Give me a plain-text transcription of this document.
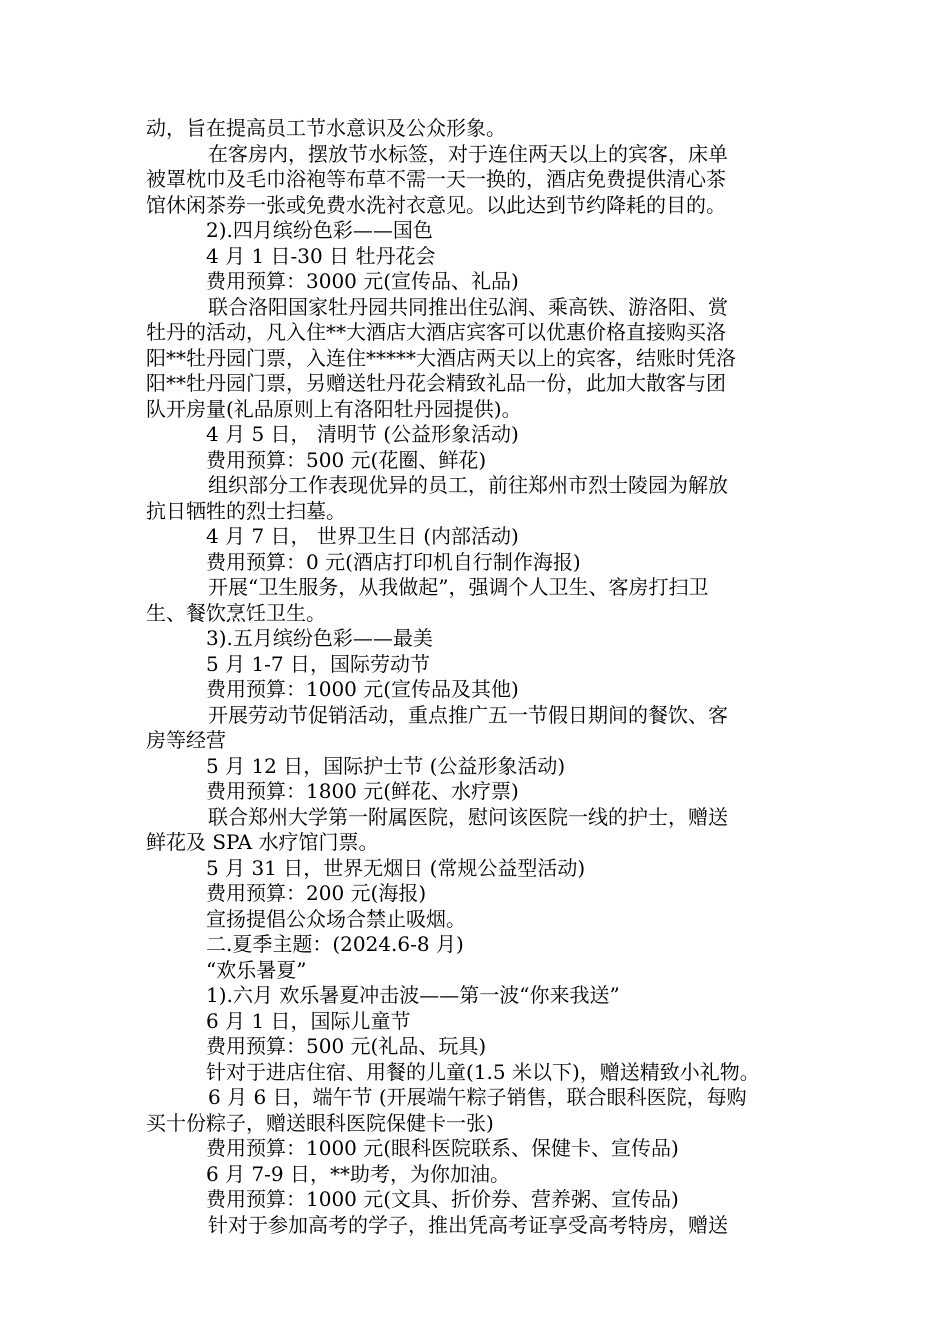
动，旨在提高员工节水意识及公众形象。
在客房内，摆放节水标签，对于连住两天以上的宾客，床单
被罩枕巾及毛巾浴袍等布草不需一天一换的，酒店免费提供清心茶
馆休闲茶券一张或免费水洗衬衣意见。以此达到节约降耗的目的。
2).四月缤纷色彩——国色
4 月 1 日-30 日 牡丹花会
费用预算：3000 元(宣传品、礼品)
联合洛阳国家牡丹园共同推出住弘润、乘高铁、游洛阳、赏
牡丹的活动，凡入住**大酒店大酒店宾客可以优惠价格直接购买洛
阳**牡丹园门票，入连住*****大酒店两天以上的宾客，结账时凭洛
阳**牡丹园门票，另赠送牡丹花会精致礼品一份，此加大散客与团
队开房量(礼品原则上有洛阳牡丹园提供)。
4 月 5 日， 清明节 (公益形象活动)
费用预算：500 元(花圈、鲜花)
组织部分工作表现优异的员工，前往郑州市烈士陵园为解放
抗日牺牲的烈士扫墓。
4 月 7 日， 世界卫生日 (内部活动)
费用预算：0 元(酒店打印机自行制作海报)
开展“卫生服务，从我做起”，强调个人卫生、客房打扫卫
生、餐饮烹饪卫生。
3).五月缤纷色彩——最美
5 月 1-7 日，国际劳动节
费用预算：1000 元(宣传品及其他)
开展劳动节促销活动，重点推广五一节假日期间的餐饮、客
房等经营
5 月 12 日，国际护士节 (公益形象活动)
费用预算：1800 元(鲜花、水疗票)
联合郑州大学第一附属医院，慰问该医院一线的护士，赠送
鲜花及 SPA 水疗馆门票。
5 月 31 日，世界无烟日 (常规公益型活动)
费用预算：200 元(海报)
宣扬提倡公众场合禁止吸烟。
二.夏季主题：(2024.6-8 月)
“欢乐暑夏”
1).六月 欢乐暑夏冲击波——第一波“你来我送”
6 月 1 日，国际儿童节
费用预算：500 元(礼品、玩具)
针对于进店住宿、用餐的儿童(1.5 米以下)，赠送精致小礼物。
6 月 6 日，端午节 (开展端午粽子销售，联合眼科医院，每购
买十份粽子，赠送眼科医院保健卡一张)
费用预算：1000 元(眼科医院联系、保健卡、宣传品)
6 月 7-9 日，**助考，为你加油。
费用预算：1000 元(文具、折价券、营养粥、宣传品)
针对于参加高考的学子，推出凭高考证享受高考特房，赠送
